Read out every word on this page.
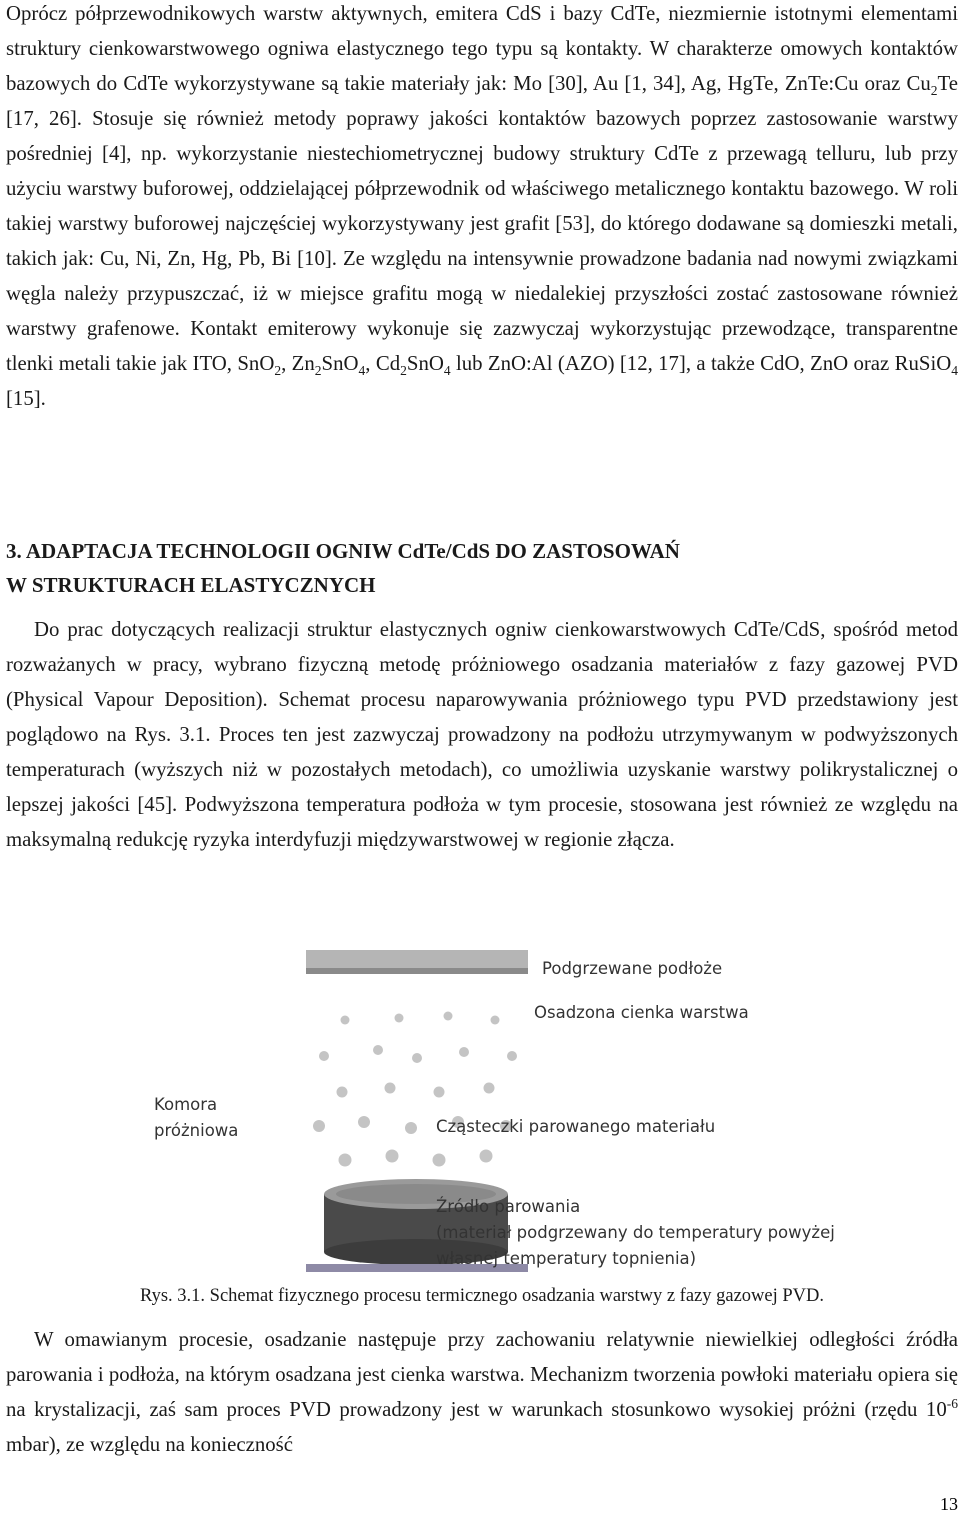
Oprócz półprzewodnikowych warstw aktywnych, emitera CdS i bazy CdTe, niezmiernie istotnymi elementami struktury cienkowarstwowego ogniwa elastycznego tego typu są kontakty. W charakterze omowych kontaktów bazowych do CdTe wykorzystywane są takie materiały jak: Mo [30], Au [1, 34], Ag, HgTe, ZnTe:Cu oraz $Cu_2Te$ [17, 26]. Stosuje się również metody poprawy jakości kontaktów bazowych poprzez zastosowanie warstwy pośredniej [4], np. wykorzystanie niestechiometrycznej budowy struktury CdTe z przewagą telluru, lub przy użyciu warstwy buforowej, oddzielającej półprzewodnik od właściwego metalicznego kontaktu bazowego. W roli takiej warstwy buforowej najczęściej wykorzystywany jest grafit [53], do którego dodawane są domieszki metali, takich jak: Cu, Ni, Zn, Hg, Pb, Bi [10]. Ze względu na intensywnie prowadzone badania nad nowymi związkami węgla należy przypuszczać, iż w miejsce grafitu mogą w niedalekiej przyszłości zostać zastosowane również warstwy grafenowe. Kontakt emiterowy wykonuje się zazwyczaj wykorzystując przewodzące, transparentne tlenki metali takie jak ITO, SnO$_2$, $Zn_2SnO_4$, $Cd_2SnO_4$ lub ZnO:Al (AZO) [12, 17], a także CdO, ZnO oraz RuSiO$_4$ [15].

3. ADAPTACJA TECHNOLOGII OGNIW CdTe/CdS DO ZASTOSOWAŃ
W STRUKTURACH ELASTYCZNYCH

Do prac dotyczących realizacji struktur elastycznych ogniw cienkowarstwowych CdTe/CdS, spośród metod rozważanych w pracy, wybrano fizyczną metodę próżniowego osadzania materiałów z fazy gazowej PVD (Physical Vapour Deposition). Schemat procesu naparowywania próżniowego typu PVD przedstawiony jest poglądowo na Rys. 3.1. Proces ten jest zazwyczaj prowadzony na podłożu utrzymywanym w podwyższonych temperaturach (wyższych niż w pozostałych metodach), co umożliwia uzyskanie warstwy polikrystalicznej o lepszej jakości [45]. Podwyższona temperatura podłoża w tym procesie, stosowana jest również ze względu na maksymalną redukcję ryzyka interdyfuzji międzywarstwowej w regionie złącza.

Podgrzewane podłoże
Osadzona cienka warstwa
Komora
próżniowa	Cząsteczki parowanego materiału
Źródło parowania
(materiał podgrzewany do temperatury powyżej
własnej temperatury topnienia)
Rys. 3.1. Schemat fizycznego procesu termicznego osadzania warstwy z fazy gazowej PVD.

W omawianym procesie, osadzanie następuje przy zachowaniu relatywnie niewielkiej odległości źródła parowania i podłoża, na którym osadzana jest cienka warstwa. Mechanizm tworzenia powłoki materiału opiera się na krystalizacji, zaś sam proces PVD prowadzony jest w warunkach stosunkowo wysokiej próżni (rzędu $10^{-6}$ mbar), ze względu na konieczność

13
